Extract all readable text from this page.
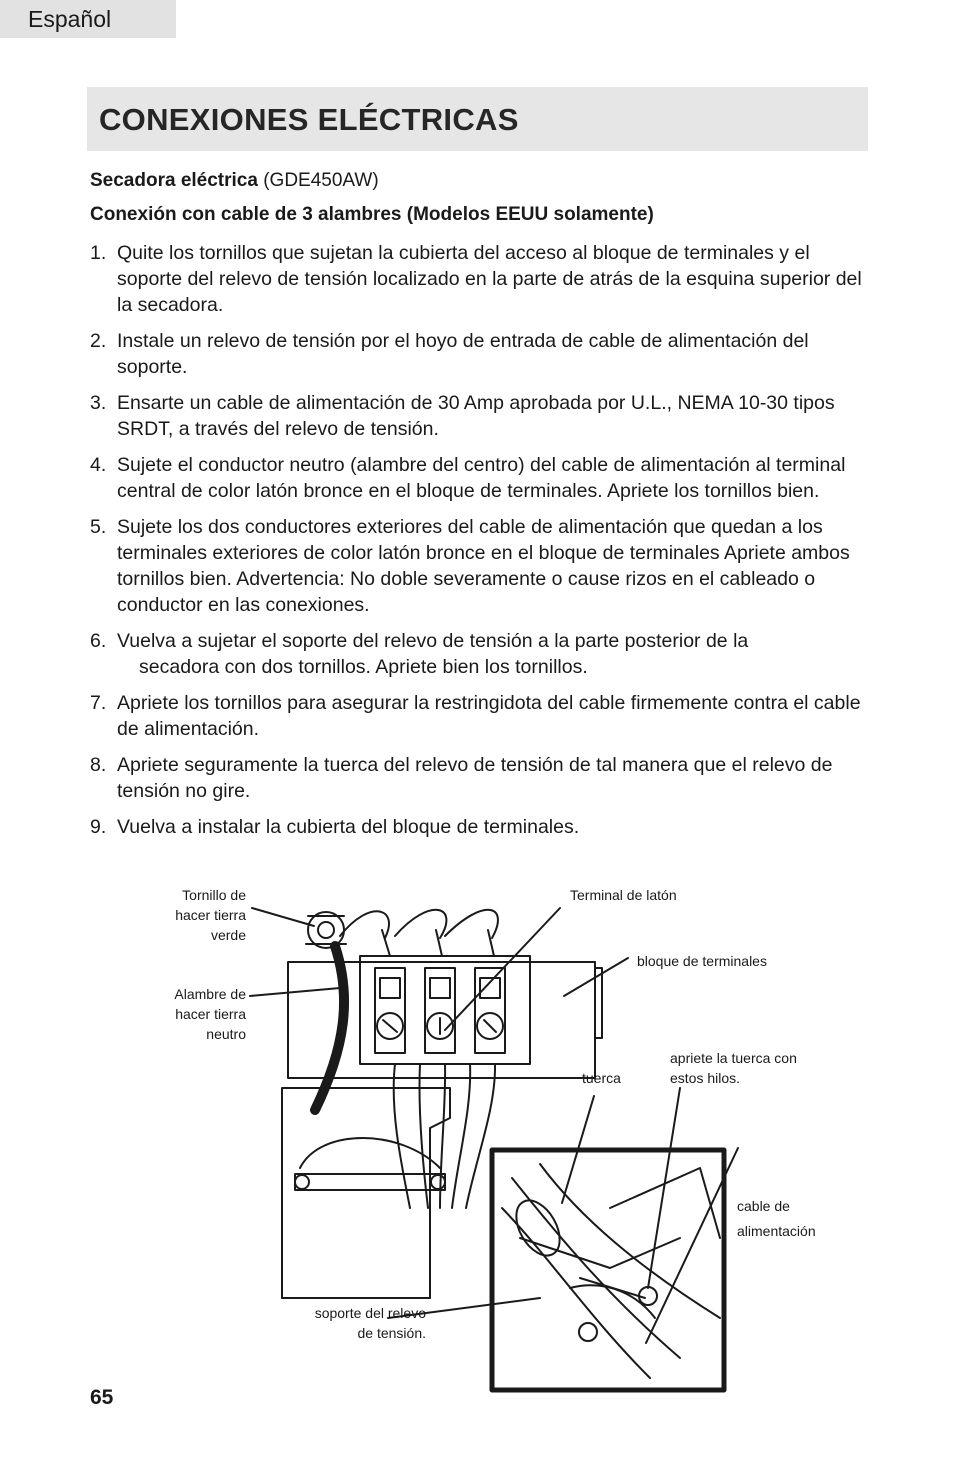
Español
CONEXIONES ELÉCTRICAS
Secadora eléctrica (GDE450AW)
Conexión con cable de 3 alambres (Modelos EEUU solamente)
1. Quite los tornillos que sujetan la cubierta del acceso al bloque de terminales y el soporte del relevo de tensión localizado en la parte de atrás de la esquina superior del la secadora.
2. Instale un relevo de tensión por el hoyo de entrada de cable de alimentación del soporte.
3. Ensarte un cable de alimentación de 30 Amp aprobada por U.L., NEMA 10-30 tipos SRDT, a través del relevo de tensión.
4. Sujete el conductor neutro (alambre del centro) del cable de alimentación al terminal central de color latón bronce en el bloque de terminales. Apriete los tornillos bien.
5. Sujete los dos conductores exteriores del cable de alimentación que quedan a los terminales exteriores de color latón bronce en el bloque de terminales Apriete ambos tornillos bien. Advertencia: No doble severamente o cause rizos en el cableado o conductor en las conexiones.
6. Vuelva a sujetar el soporte del relevo de tensión a la parte posterior de la
secadora con dos tornillos. Apriete bien los tornillos.
7. Apriete los tornillos para asegurar la restringidota del cable firmemente contra el cable de alimentación.
8. Apriete seguramente la tuerca del relevo de tensión de tal manera que el relevo de tensión no gire.
9. Vuelva a instalar la cubierta del bloque de terminales.
Tornillo de
hacer tierra
verde
Alambre de
hacer tierra
neutro
Terminal de latón
bloque de terminales
apriete la tuerca con
estos hilos.
tuerca
cable de
alimentación
soporte del relevo
de tensión.
65
